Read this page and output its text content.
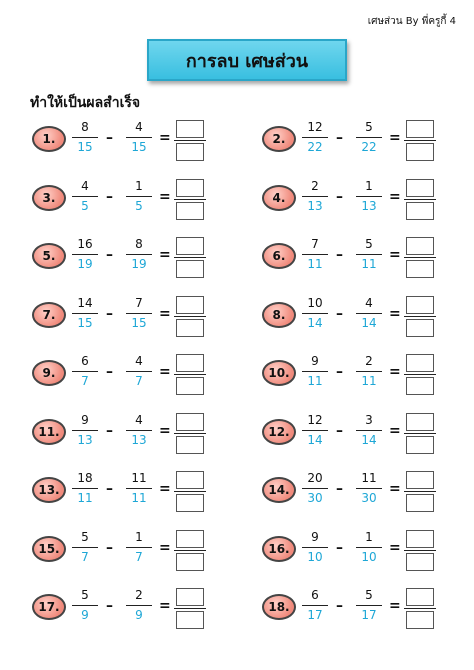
เศษส่วน By พี่ครูกี้ 4
การลบ เศษส่วน
ทำให้เป็นผลสำเร็จ
1.
8
15
–
4
15
=	2.
12
22
–
5
22
=
3.
4
5
–
1
5
=	4.
2
13
–
1
13
=
5.
16
19
–
8
19
=	6.
7
11
–
5
11
=
7.
14
15
–
7
15
=	8.
10
14
–
4
14
=
9.
6
7
–
4
7
=	10.
9
11
–
2
11
=
11.
9
13
–
4
13
=	12.
12
14
–
3
14
=
13.
18
11
–
11
11
=	14.
20
30
–
11
30
=
15.
5
7
–
1
7
=	16.
9
10
–
1
10
=
17.
5
9
–
2
9
=	18.
6
17
–
5
17
=
